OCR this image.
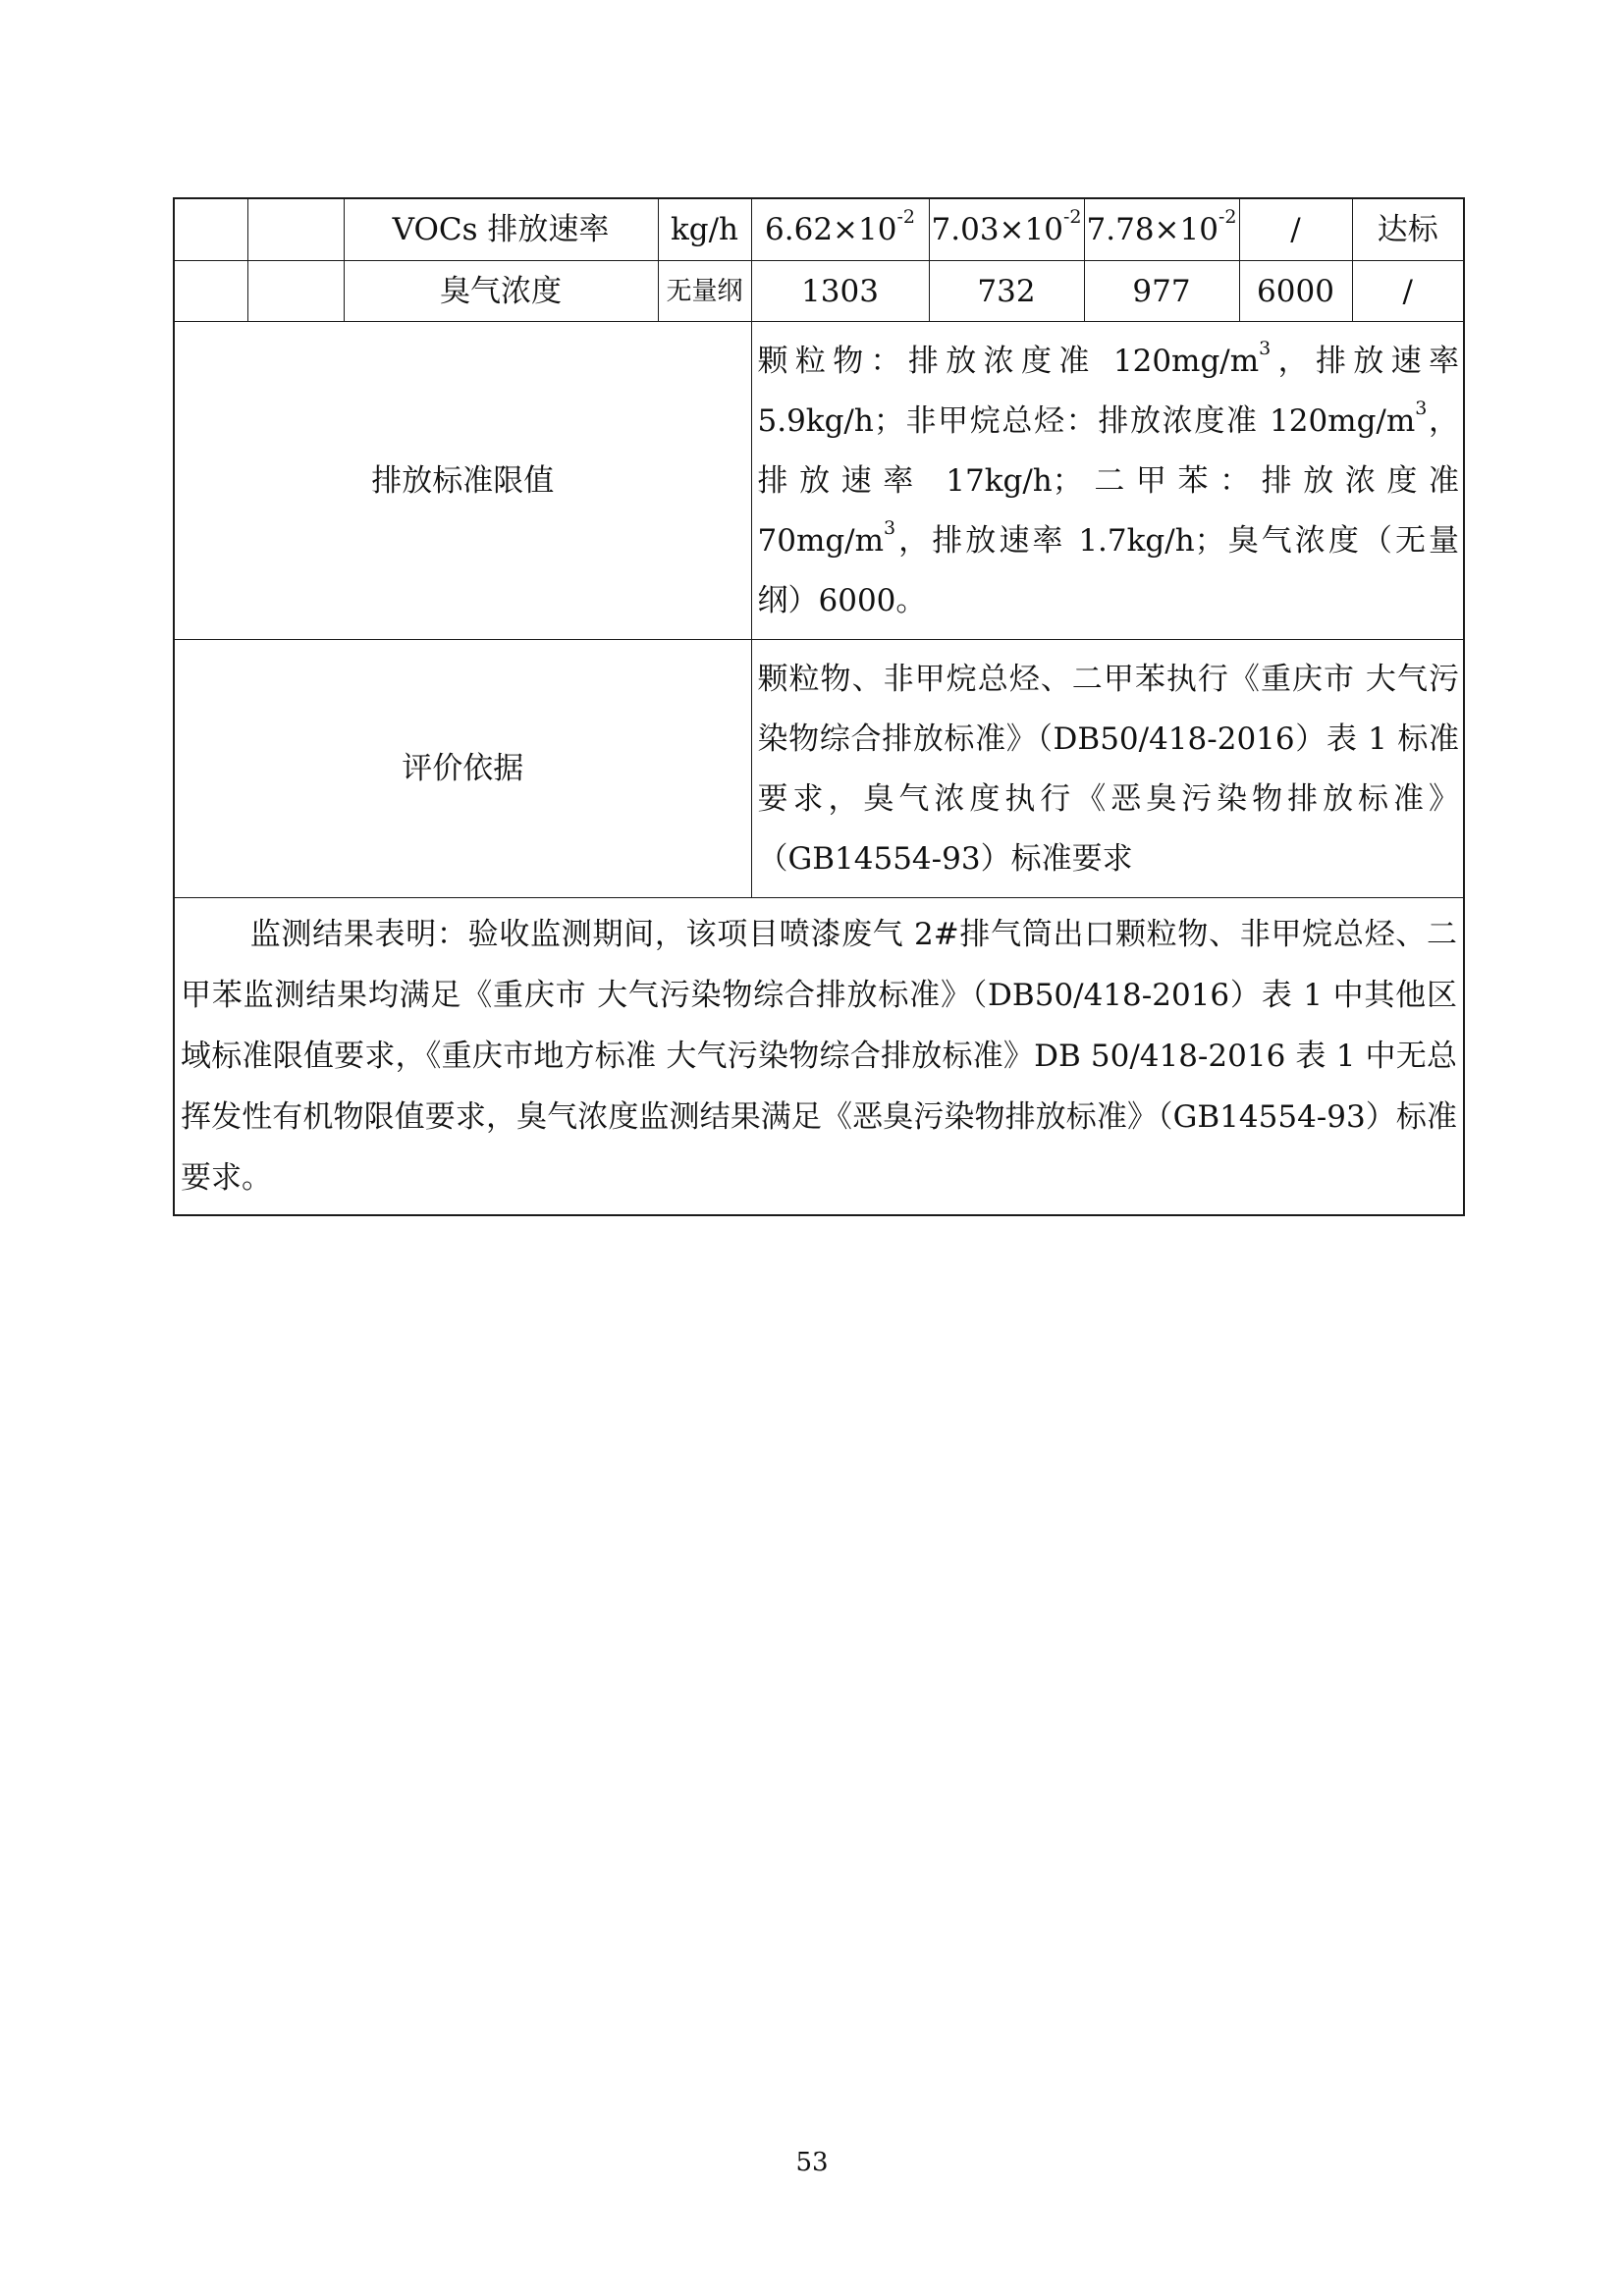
		VOCs 排放速率	kg/h	$6.62\times 10^{-2}$	$7.03\times 10^{-2}$	$7.78\times 10^{-2}$	/	达标
		臭气浓度	无量纲	1303	732	977	6000	/
排放标准限值				颗粒物：排放浓度准 $120mg/m^3$，排放速率 5.9kg/h；非甲烷总烃：排放浓度准 $120mg/m^3$，排放速率 17kg/h；二甲苯：排放浓度准 $70mg/m^3$，排放速率 1.7kg/h；臭气浓度（无量纲）6000。				
评价依据				颗粒物、非甲烷总烃、二甲苯执行《重庆市 大气污染物综合排放标准》（DB50/418-2016）表 1 标准要求，臭气浓度执行《恶臭污染物排放标准》（GB14554-93）标准要求				
监测结果表明：验收监测期间，该项目喷漆废气 2#排气筒出口颗粒物、非甲烷总烃、二甲苯监测结果均满足《重庆市 大气污染物综合排放标准》（DB50/418-2016）表 1 中其他区域标准限值要求，《重庆市地方标准 大气污染物综合排放标准》DB 50/418-2016 表 1 中无总挥发性有机物限值要求，臭气浓度监测结果满足《恶臭污染物排放标准》（GB14554-93）标准要求。								
53
